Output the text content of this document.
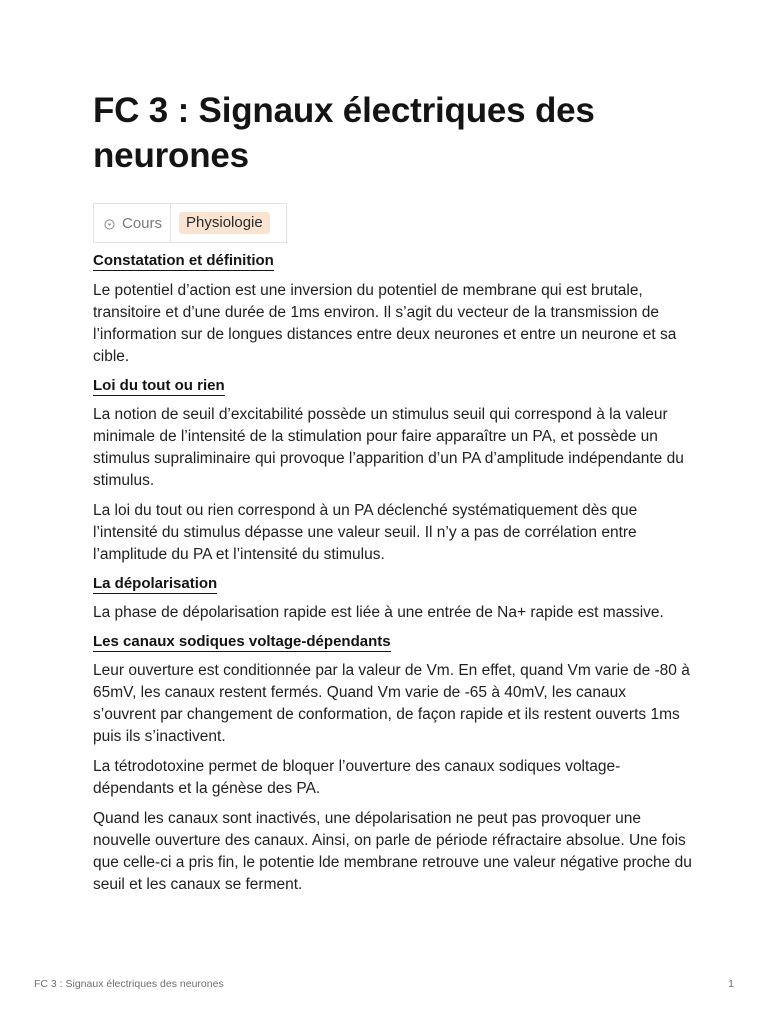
FC 3 : Signaux électriques des neurones
Cours	Physiologie
Constatation et définition

Le potentiel d’action est une inversion du potentiel de membrane qui est brutale, transitoire et d’une durée de 1ms environ. Il s’agit du vecteur de la transmission de l’information sur de longues distances entre deux neurones et entre un neurone et sa cible.

Loi du tout ou rien

La notion de seuil d’excitabilité possède un stimulus seuil qui correspond à la valeur minimale de l’intensité de la stimulation pour faire apparaître un PA, et possède un stimulus supraliminaire qui provoque l’apparition d’un PA d’amplitude indépendante du stimulus.

La loi du tout ou rien correspond à un PA déclenché systématiquement dès que l’intensité du stimulus dépasse une valeur seuil. Il n’y a pas de corrélation entre l’amplitude du PA et l’intensité du stimulus.

La dépolarisation

La phase de dépolarisation rapide est liée à une entrée de Na+ rapide est massive.

Les canaux sodiques voltage-dépendants

Leur ouverture est conditionnée par la valeur de Vm. En effet, quand Vm varie de -80 à 65mV, les canaux restent fermés. Quand Vm varie de -65 à 40mV, les canaux s’ouvrent par changement de conformation, de façon rapide et ils restent ouverts 1ms puis ils s’inactivent.

La tétrodotoxine permet de bloquer l’ouverture des canaux sodiques voltage-dépendants et la génèse des PA.

Quand les canaux sont inactivés, une dépolarisation ne peut pas provoquer une nouvelle ouverture des canaux. Ainsi, on parle de période réfractaire absolue. Une fois que celle-ci a pris fin, le potentie lde membrane retrouve une valeur négative proche du seuil et les canaux se ferment.

FC 3 : Signaux électriques des neurones	1
